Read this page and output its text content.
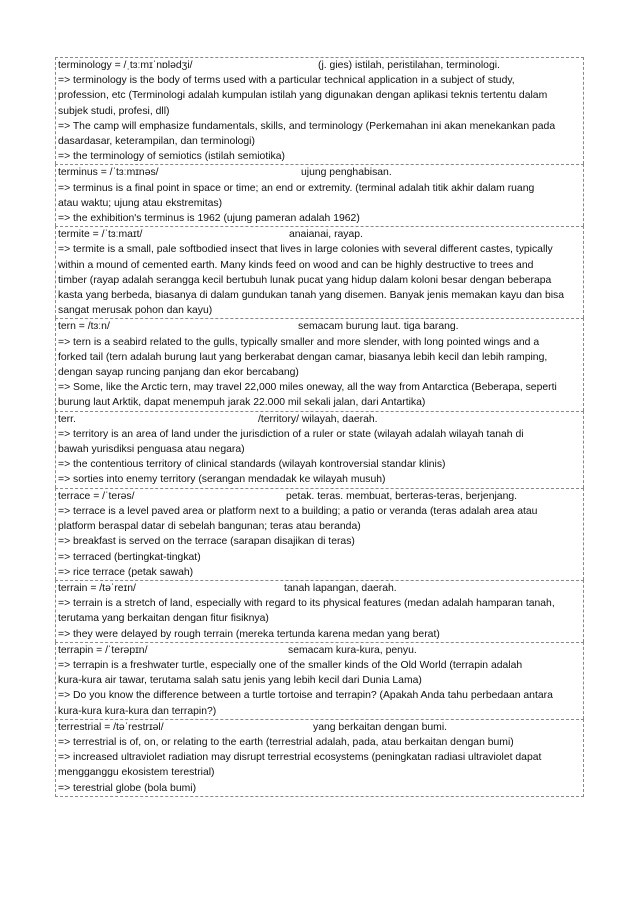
terminology = /ˌtɜːmɪˈnɒlədʒi/	(j. gies) istilah, peristilahan, terminologi.
=> terminology is the body of terms used with a particular technical application in a subject of study,
profession, etc (Terminologi adalah kumpulan istilah yang digunakan dengan aplikasi teknis tertentu dalam
subjek studi, profesi, dll)
=> The camp will emphasize fundamentals, skills, and terminology (Perkemahan ini akan menekankan pada
dasardasar, keterampilan, dan terminologi)
=> the terminology of semiotics (istilah semiotika)
terminus = /ˈtɜːmɪnəs/	ujung penghabisan.
=> terminus is a final point in space or time; an end or extremity. (terminal adalah titik akhir dalam ruang
atau waktu; ujung atau ekstremitas)
=> the exhibition's terminus is 1962 (ujung pameran adalah 1962)
termite = /ˈtɜːmaɪt/	anaianai, rayap.
=> termite is a small, pale softbodied insect that lives in large colonies with several different castes, typically
within a mound of cemented earth. Many kinds feed on wood and can be highly destructive to trees and
timber (rayap adalah serangga kecil bertubuh lunak pucat yang hidup dalam koloni besar dengan beberapa
kasta yang berbeda, biasanya di dalam gundukan tanah yang disemen. Banyak jenis memakan kayu dan bisa
sangat merusak pohon dan kayu)
tern = /tɜːn/	semacam burung laut. tiga barang.
=> tern is a seabird related to the gulls, typically smaller and more slender, with long pointed wings and a
forked tail (tern adalah burung laut yang berkerabat dengan camar, biasanya lebih kecil dan lebih ramping,
dengan sayap runcing panjang dan ekor bercabang)
=> Some, like the Arctic tern, may travel 22,000 miles oneway, all the way from Antarctica (Beberapa, seperti
burung laut Arktik, dapat menempuh jarak 22.000 mil sekali jalan, dari Antartika)
terr.	/territory/ wilayah, daerah.
=> territory is an area of land under the jurisdiction of a ruler or state (wilayah adalah wilayah tanah di
bawah yurisdiksi penguasa atau negara)
=> the contentious territory of clinical standards (wilayah kontroversial standar klinis)
=> sorties into enemy territory (serangan mendadak ke wilayah musuh)
terrace = /ˈterəs/	petak. teras. membuat, berteras-teras, berjenjang.
=> terrace is a level paved area or platform next to a building; a patio or veranda (teras adalah area atau
platform beraspal datar di sebelah bangunan; teras atau beranda)
=> breakfast is served on the terrace (sarapan disajikan di teras)
=> terraced (bertingkat-tingkat)
=> rice terrace (petak sawah)
terrain = /təˈreɪn/	tanah lapangan, daerah.
=> terrain is a stretch of land, especially with regard to its physical features (medan adalah hamparan tanah,
terutama yang berkaitan dengan fitur fisiknya)
=> they were delayed by rough terrain (mereka tertunda karena medan yang berat)
terrapin = /ˈterəpɪn/	semacam kura-kura, penyu.
=> terrapin is a freshwater turtle, especially one of the smaller kinds of the Old World (terrapin adalah
kura-kura air tawar, terutama salah satu jenis yang lebih kecil dari Dunia Lama)
=> Do you know the difference between a turtle tortoise and terrapin? (Apakah Anda tahu perbedaan antara
kura-kura kura-kura dan terrapin?)
terrestrial = /təˈrestrɪəl/	yang berkaitan dengan bumi.
=> terrestrial is of, on, or relating to the earth (terrestrial adalah, pada, atau berkaitan dengan bumi)
=> increased ultraviolet radiation may disrupt terrestrial ecosystems (peningkatan radiasi ultraviolet dapat
mengganggu ekosistem terestrial)
=> terestrial globe (bola bumi)
